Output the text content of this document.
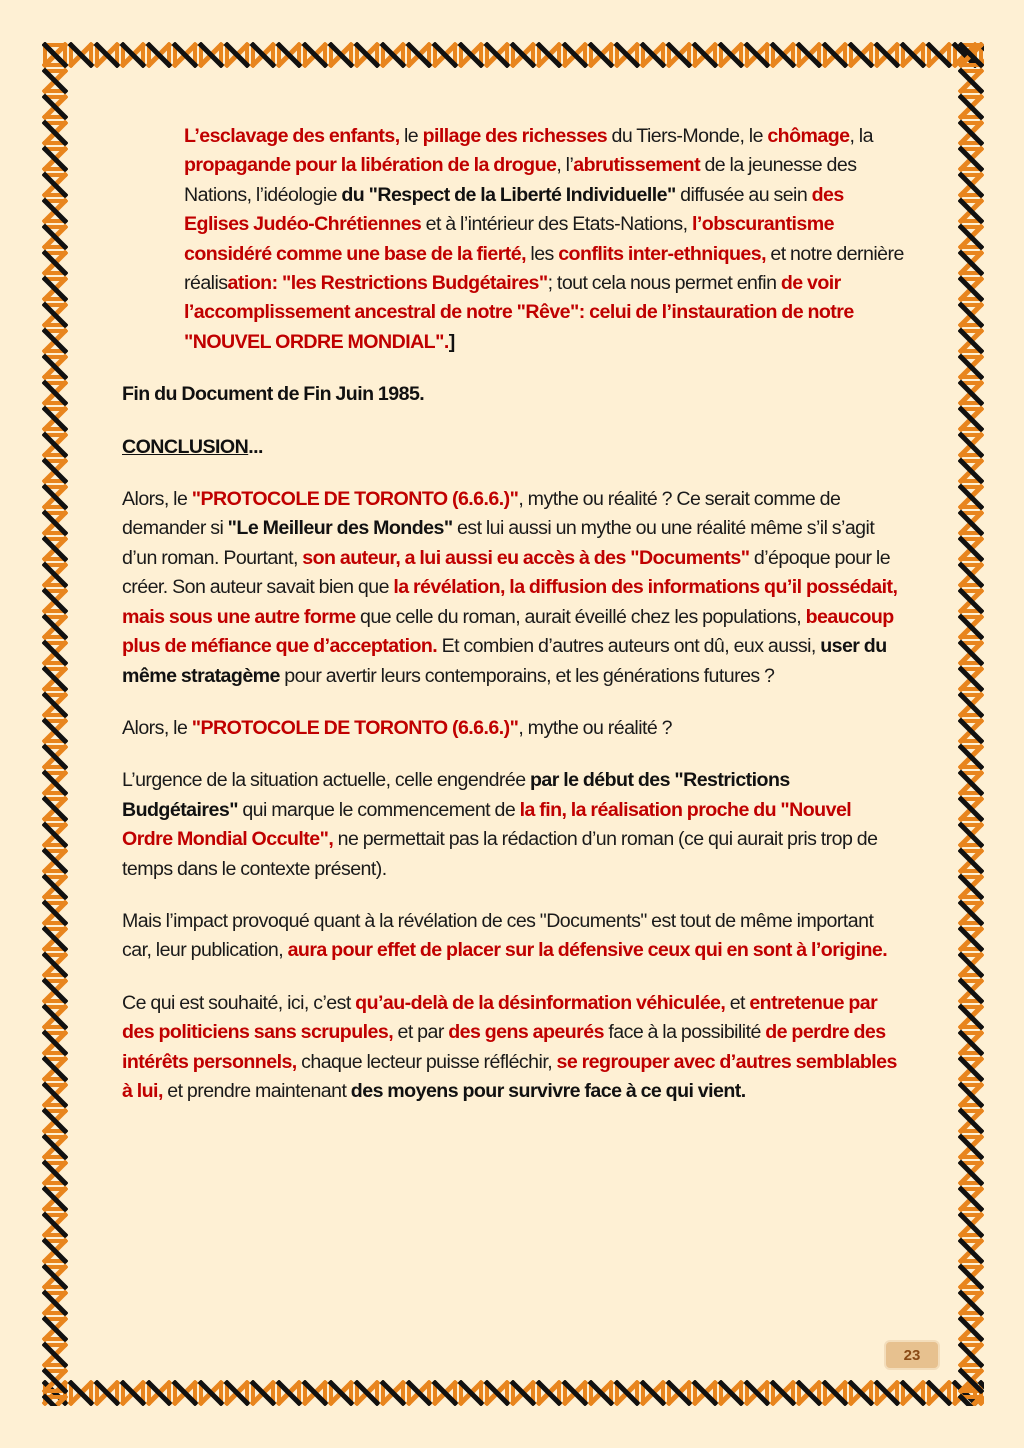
L’esclavage des enfants, le pillage des richesses du Tiers-Monde, le chômage, la propagande pour la libération de la drogue, l’abrutissement de la jeunesse des Nations, l’idéologie du "Respect de la Liberté Individuelle" diffusée au sein des Eglises Judéo-Chrétiennes et à l’intérieur des Etats-Nations, l’obscurantisme considéré comme une base de la fierté, les conflits inter-ethniques, et notre dernière réalisation: "les Restrictions Budgétaires"; tout cela nous permet enfin de voir l’accomplissement ancestral de notre "Rêve": celui de l’instauration de notre "NOUVEL ORDRE MONDIAL".]

Fin du Document de Fin Juin 1985.

CONCLUSION...

Alors, le "PROTOCOLE DE TORONTO (6.6.6.)", mythe ou réalité ? Ce serait comme de demander si "Le Meilleur des Mondes" est lui aussi un mythe ou une réalité même s’il s’agit d’un roman. Pourtant, son auteur, a lui aussi eu accès à des "Documents" d’époque pour le créer. Son auteur savait bien que la révélation, la diffusion des informations qu’il possédait, mais sous une autre forme que celle du roman, aurait éveillé chez les populations, beaucoup plus de méfiance que d’acceptation. Et combien d’autres auteurs ont dû, eux aussi, user du même stratagème pour avertir leurs contemporains, et les générations futures ?

Alors, le "PROTOCOLE DE TORONTO (6.6.6.)", mythe ou réalité ?

L’urgence de la situation actuelle, celle engendrée par le début des "Restrictions Budgétaires" qui marque le commencement de la fin, la réalisation proche du "Nouvel Ordre Mondial Occulte", ne permettait pas la rédaction d’un roman (ce qui aurait pris trop de temps dans le contexte présent).

Mais l’impact provoqué quant à la révélation de ces "Documents" est tout de même important car, leur publication, aura pour effet de placer sur la défensive ceux qui en sont à l’origine.

Ce qui est souhaité, ici, c’est qu’au-delà de la désinformation véhiculée, et entretenue par des politiciens sans scrupules, et par des gens apeurés face à la possibilité de perdre des intérêts personnels, chaque lecteur puisse réfléchir, se regrouper avec d’autres semblables à lui, et prendre maintenant des moyens pour survivre face à ce qui vient.

23
